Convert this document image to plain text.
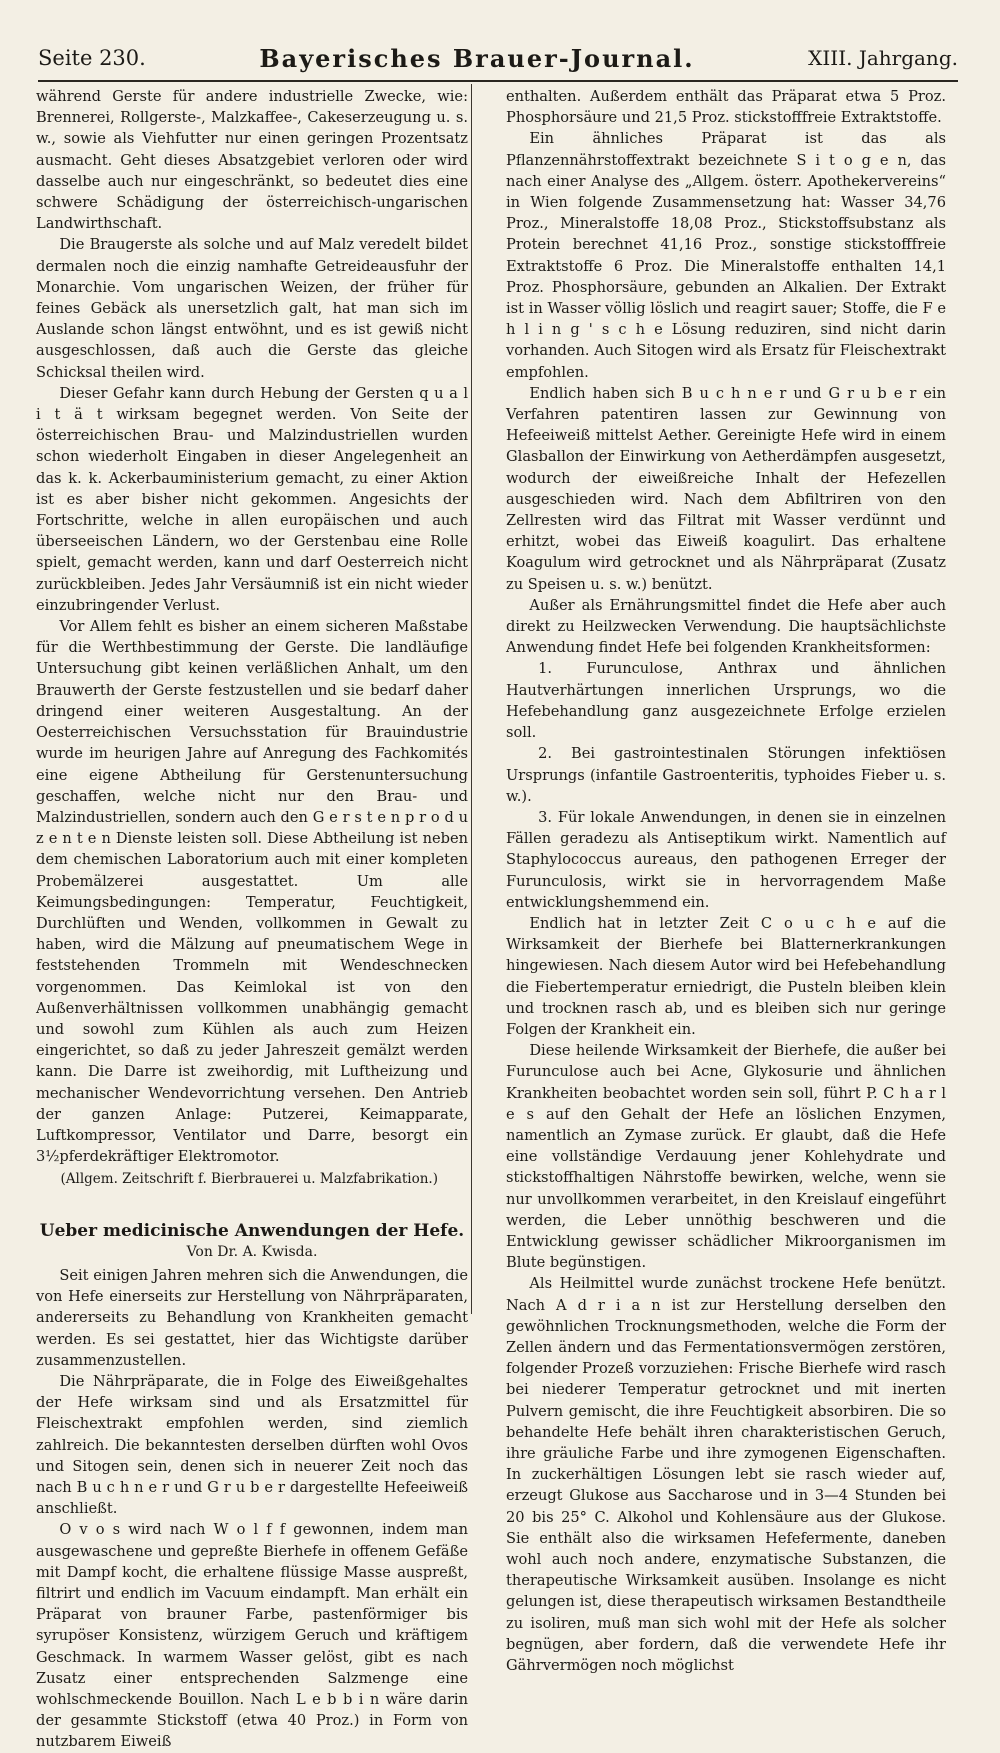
Seite 230.	Bayerisches Brauer-Journal.	XIII. Jahrgang.

während Gerste für andere industrielle Zwecke, wie: Brennerei, Rollgerste-, Malzkaffee-, Cakeserzeugung u. s. w., sowie als Viehfutter nur einen geringen Prozentsatz ausmacht. Geht dieses Absatzgebiet verloren oder wird dasselbe auch nur eingeschränkt, so bedeutet dies eine schwere Schädigung der österreichisch-ungarischen Landwirthschaft.

Die Braugerste als solche und auf Malz veredelt bildet dermalen noch die einzig namhafte Getreideausfuhr der Monarchie. Vom ungarischen Weizen, der früher für feines Gebäck als unersetzlich galt, hat man sich im Auslande schon längst entwöhnt, und es ist gewiß nicht ausgeschlossen, daß auch die Gerste das gleiche Schicksal theilen wird.

Dieser Gefahr kann durch Hebung der Gersten q u a l i t ä t wirksam begegnet werden. Von Seite der österreichischen Brau- und Malzindustriellen wurden schon wiederholt Eingaben in dieser Angelegenheit an das k. k. Ackerbauministerium gemacht, zu einer Aktion ist es aber bisher nicht gekommen. Angesichts der Fortschritte, welche in allen europäischen und auch überseeischen Ländern, wo der Gerstenbau eine Rolle spielt, gemacht werden, kann und darf Oesterreich nicht zurückbleiben. Jedes Jahr Versäumniß ist ein nicht wieder einzubringender Verlust.

Vor Allem fehlt es bisher an einem sicheren Maßstabe für die Werthbestimmung der Gerste. Die landläufige Untersuchung gibt keinen verläßlichen Anhalt, um den Brauwerth der Gerste festzustellen und sie bedarf daher dringend einer weiteren Ausgestaltung. An der Oesterreichischen Versuchsstation für Brauindustrie wurde im heurigen Jahre auf Anregung des Fachkomités eine eigene Abtheilung für Gerstenuntersuchung geschaffen, welche nicht nur den Brau- und Malzindustriellen, sondern auch den G e r s t e n p r o d u z e n t e n Dienste leisten soll. Diese Abtheilung ist neben dem chemischen Laboratorium auch mit einer kompleten Probemälzerei ausgestattet. Um alle Keimungsbedingungen: Temperatur, Feuchtigkeit, Durchlüften und Wenden, vollkommen in Gewalt zu haben, wird die Mälzung auf pneumatischem Wege in feststehenden Trommeln mit Wendeschnecken vorgenommen. Das Keimlokal ist von den Außenverhältnissen vollkommen unabhängig gemacht und sowohl zum Kühlen als auch zum Heizen eingerichtet, so daß zu jeder Jahreszeit gemälzt werden kann. Die Darre ist zweihordig, mit Luftheizung und mechanischer Wendevorrichtung versehen. Den Antrieb der ganzen Anlage: Putzerei, Keimapparate, Luftkompressor, Ventilator und Darre, besorgt ein 3½pferdekräftiger Elektromotor.

(Allgem. Zeitschrift f. Bierbrauerei u. Malzfabrikation.)

Ueber medicinische Anwendungen der Hefe.

Von Dr. A. Kwisda.

Seit einigen Jahren mehren sich die Anwendungen, die von Hefe einerseits zur Herstellung von Nährpräparaten, andererseits zu Behandlung von Krankheiten gemacht werden. Es sei gestattet, hier das Wichtigste darüber zusammenzustellen.

Die Nährpräparate, die in Folge des Eiweißgehaltes der Hefe wirksam sind und als Ersatzmittel für Fleischextrakt empfohlen werden, sind ziemlich zahlreich. Die bekanntesten derselben dürften wohl Ovos und Sitogen sein, denen sich in neuerer Zeit noch das nach B u c h n e r und G r u b e r dargestellte Hefeeiweiß anschließt.

O v o s wird nach W o l f f gewonnen, indem man ausgewaschene und gepreßte Bierhefe in offenem Gefäße mit Dampf kocht, die erhaltene flüssige Masse auspreßt, filtrirt und endlich im Vacuum eindampft. Man erhält ein Präparat von brauner Farbe, pastenförmiger bis syrupöser Konsistenz, würzigem Geruch und kräftigem Geschmack. In warmem Wasser gelöst, gibt es nach Zusatz einer entsprechenden Salzmenge eine wohlschmeckende Bouillon. Nach L e b b i n wäre darin der gesammte Stickstoff (etwa 40 Proz.) in Form von nutzbarem Eiweiß

enthalten. Außerdem enthält das Präparat etwa 5 Proz. Phosphorsäure und 21,5 Proz. stickstofffreie Extraktstoffe.

Ein ähnliches Präparat ist das als Pflanzennährstoffextrakt bezeichnete S i t o g e n, das nach einer Analyse des „Allgem. österr. Apothekervereins“ in Wien folgende Zusammensetzung hat: Wasser 34,76 Proz., Mineralstoffe 18,08 Proz., Stickstoffsubstanz als Protein berechnet 41,16 Proz., sonstige stickstofffreie Extraktstoffe 6 Proz. Die Mineralstoffe enthalten 14,1 Proz. Phosphorsäure, gebunden an Alkalien. Der Extrakt ist in Wasser völlig löslich und reagirt sauer; Stoffe, die F e h l i n g ' s c h e Lösung reduziren, sind nicht darin vorhanden. Auch Sitogen wird als Ersatz für Fleischextrakt empfohlen.

Endlich haben sich B u c h n e r und G r u b e r ein Verfahren patentiren lassen zur Gewinnung von Hefeeiweiß mittelst Aether. Gereinigte Hefe wird in einem Glasballon der Einwirkung von Aetherdämpfen ausgesetzt, wodurch der eiweißreiche Inhalt der Hefezellen ausgeschieden wird. Nach dem Abfiltriren von den Zellresten wird das Filtrat mit Wasser verdünnt und erhitzt, wobei das Eiweiß koagulirt. Das erhaltene Koagulum wird getrocknet und als Nährpräparat (Zusatz zu Speisen u. s. w.) benützt.

Außer als Ernährungsmittel findet die Hefe aber auch direkt zu Heilzwecken Verwendung. Die hauptsächlichste Anwendung findet Hefe bei folgenden Krankheitsformen:

1. Furunculose, Anthrax und ähnlichen Hautverhärtungen innerlichen Ursprungs, wo die Hefebehandlung ganz ausgezeichnete Erfolge erzielen soll.

2. Bei gastrointestinalen Störungen infektiösen Ursprungs (infantile Gastroenteritis, typhoides Fieber u. s. w.).

3. Für lokale Anwendungen, in denen sie in einzelnen Fällen geradezu als Antiseptikum wirkt. Namentlich auf Staphylococcus aureaus, den pathogenen Erreger der Furunculosis, wirkt sie in hervorragendem Maße entwicklungshemmend ein.

Endlich hat in letzter Zeit C o u c h e auf die Wirksamkeit der Bierhefe bei Blatternerkrankungen hingewiesen. Nach diesem Autor wird bei Hefebehandlung die Fiebertemperatur erniedrigt, die Pusteln bleiben klein und trocknen rasch ab, und es bleiben sich nur geringe Folgen der Krankheit ein.

Diese heilende Wirksamkeit der Bierhefe, die außer bei Furunculose auch bei Acne, Glykosurie und ähnlichen Krankheiten beobachtet worden sein soll, führt P. C h a r l e s auf den Gehalt der Hefe an löslichen Enzymen, namentlich an Zymase zurück. Er glaubt, daß die Hefe eine vollständige Verdauung jener Kohlehydrate und stickstoffhaltigen Nährstoffe bewirken, welche, wenn sie nur unvollkommen verarbeitet, in den Kreislauf eingeführt werden, die Leber unnöthig beschweren und die Entwicklung gewisser schädlicher Mikroorganismen im Blute begünstigen.

Als Heilmittel wurde zunächst trockene Hefe benützt. Nach A d r i a n ist zur Herstellung derselben den gewöhnlichen Trocknungsmethoden, welche die Form der Zellen ändern und das Fermentationsvermögen zerstören, folgender Prozeß vorzuziehen: Frische Bierhefe wird rasch bei niederer Temperatur getrocknet und mit inerten Pulvern gemischt, die ihre Feuchtigkeit absorbiren. Die so behandelte Hefe behält ihren charakteristischen Geruch, ihre gräuliche Farbe und ihre zymogenen Eigenschaften. In zuckerhältigen Lösungen lebt sie rasch wieder auf, erzeugt Glukose aus Saccharose und in 3—4 Stunden bei 20 bis 25° C. Alkohol und Kohlensäure aus der Glukose. Sie enthält also die wirksamen Hefefermente, daneben wohl auch noch andere, enzymatische Substanzen, die therapeutische Wirksamkeit ausüben. Insolange es nicht gelungen ist, diese therapeutisch wirksamen Bestandtheile zu isoliren, muß man sich wohl mit der Hefe als solcher begnügen, aber fordern, daß die verwendete Hefe ihr Gährvermögen noch möglichst
